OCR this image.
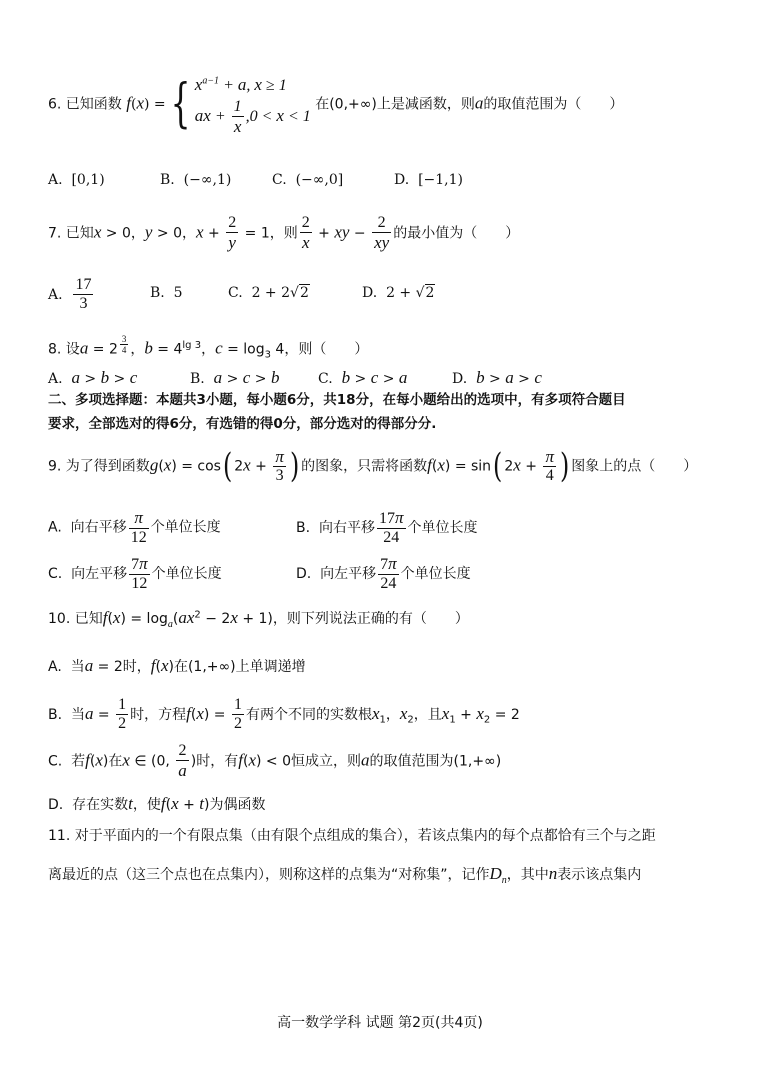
6. 已知函数 f(x) ={ $x^{a-1} + a$, x ≥ 1
ax + $\frac{1}{x} ,0 < x < 1$
在(0,+∞)上是减函数，则a的取值范围为（　　）
A.  [0,1)	B.  (−∞,1)	C.  (−∞,0]	D.  [−1,1)
7. 已知x > 0，y > 0，$x + \frac{2}{y} = 1$，则 $\frac{2}{x}$ + xy − $\frac{2}{xy}$ 的最小值为（　　）
A. $\frac{17}{3}$	B.  5	C.  2 + 2√2	D.  2 + √2
8. 设a = 2 $^{\frac{3}{4}}$ ，$b = 4^{lg 3}$，$c = \log_3 4$，则（　　）
A.  a > b > c	B.  a > c > b	C.  b > c > a	D.  b > a > c
二、多项选择题：本题共3小题，每小题6分，共18分，在每小题给出的选项中，有多项符合题目
要求，全部选对的得6分，有选错的得0分，部分选对的得部分分.
9. 为了得到函数g(x) = cos( $2x + \frac{\pi}{3}$ ) 的图象，只需将函数f(x) = sin( $2x + \frac{\pi}{4}$ ) 图象上的点（　　）
A.  向右平移 $\frac{\pi}{12}$ 个单位长度	B.  向右平移 $\frac{17\pi}{24}$ 个单位长度
C.  向左平移 $\frac{7\pi}{12}$ 个单位长度	D.  向左平移 $\frac{7\pi}{24}$ 个单位长度
10. 已知$f(x) = \log_a(ax^2 - 2x + 1)$，则下列说法正确的有（　　）
A.  当a = 2时，f(x)在(1,+∞)上单调递增
B.  当$a = \frac{1}{2}$ 时，方程$f(x) = \frac{1}{2}$ 有两个不同的实数根$x_1$，$x_2$，且$x_1 + x_2 = 2$
C.  若f(x)在x ∈ (0, $\frac{2}{a}$ )时，有f(x) < 0恒成立，则a的取值范围为(1,+∞)
D.  存在实数t，使f(x + t)为偶函数
11. 对于平面内的一个有限点集（由有限个点组成的集合），若该点集内的每个点都恰有三个与之距
离最近的点（这三个点也在点集内），则称这样的点集为“对称集”，记作$D_n$，其中n表示该点集内
高一数学学科 试题 第2页(共4页)
